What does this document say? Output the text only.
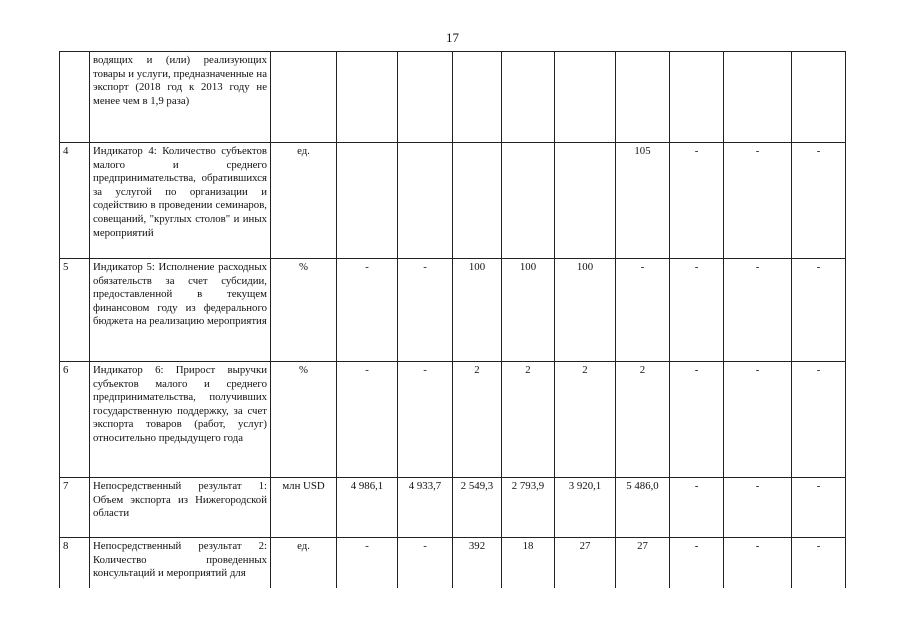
17
	водящих и (или) реализующих товары и услуги, предназначенные на экспорт (2018 год к 2013 году не менее чем в 1,9 раза)										
4	Индикатор 4: Количество субъектов малого и среднего предпринимательства, обратившихся за услугой по организации и содействию в проведении семинаров, совещаний, "круглых столов" и иных мероприятий	ед.						105	-	-	-
5	Индикатор 5: Исполнение расходных обязательств за счет субсидии, предоставленной в текущем финансовом году из федерального бюджета на реализацию мероприятия	%	-	-	100	100	100	-	-	-	-
6	Индикатор 6: Прирост выручки субъектов малого и среднего предпринимательства, получивших государственную поддержку, за счет экспорта товаров (работ, услуг) относительно предыдущего года	%	-	-	2	2	2	2	-	-	-
7	Непосредственный результат 1: Объем экспорта из Нижегородской области	млн USD	4 986,1	4 933,7	2 549,3	2 793,9	3 920,1	5 486,0	-	-	-
8	Непосредственный результат 2: Количество проведенных консультаций и мероприятий для	ед.	-	-	392	18	27	27	-	-	-
